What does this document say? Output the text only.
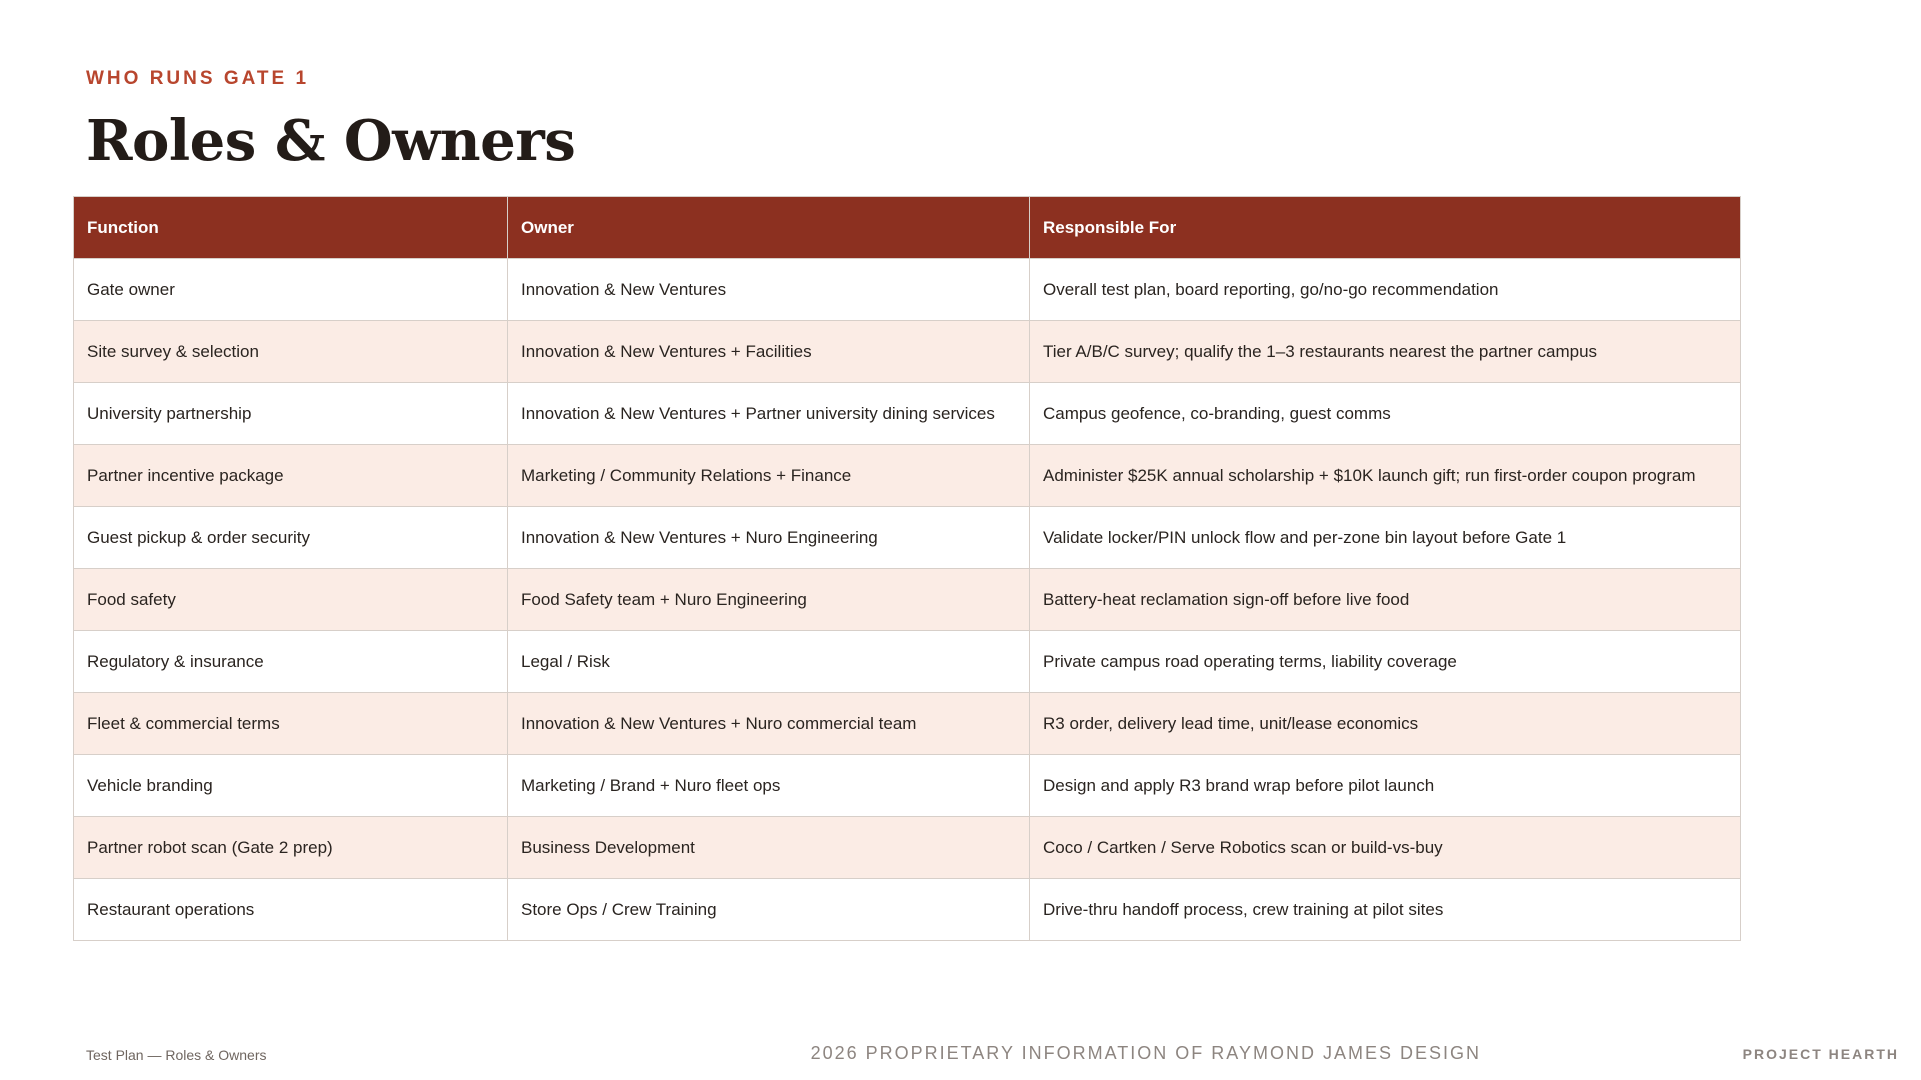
WHO RUNS GATE 1
Roles & Owners
Function	Owner	Responsible For
Gate owner	Innovation & New Ventures	Overall test plan, board reporting, go/no-go recommendation
Site survey & selection	Innovation & New Ventures + Facilities	Tier A/B/C survey; qualify the 1–3 restaurants nearest the partner campus
University partnership	Innovation & New Ventures + Partner university dining services	Campus geofence, co-branding, guest comms
Partner incentive package	Marketing / Community Relations + Finance	Administer $25K annual scholarship + $10K launch gift; run first-order coupon program
Guest pickup & order security	Innovation & New Ventures + Nuro Engineering	Validate locker/PIN unlock flow and per-zone bin layout before Gate 1
Food safety	Food Safety team + Nuro Engineering	Battery-heat reclamation sign-off before live food
Regulatory & insurance	Legal / Risk	Private campus road operating terms, liability coverage
Fleet & commercial terms	Innovation & New Ventures + Nuro commercial team	R3 order, delivery lead time, unit/lease economics
Vehicle branding	Marketing / Brand + Nuro fleet ops	Design and apply R3 brand wrap before pilot launch
Partner robot scan (Gate 2 prep)	Business Development	Coco / Cartken / Serve Robotics scan or build-vs-buy
Restaurant operations	Store Ops / Crew Training	Drive-thru handoff process, crew training at pilot sites
Test Plan — Roles & Owners	2026 PROPRIETARY INFORMATION OF RAYMOND JAMES DESIGN	PROJECT HEARTH
